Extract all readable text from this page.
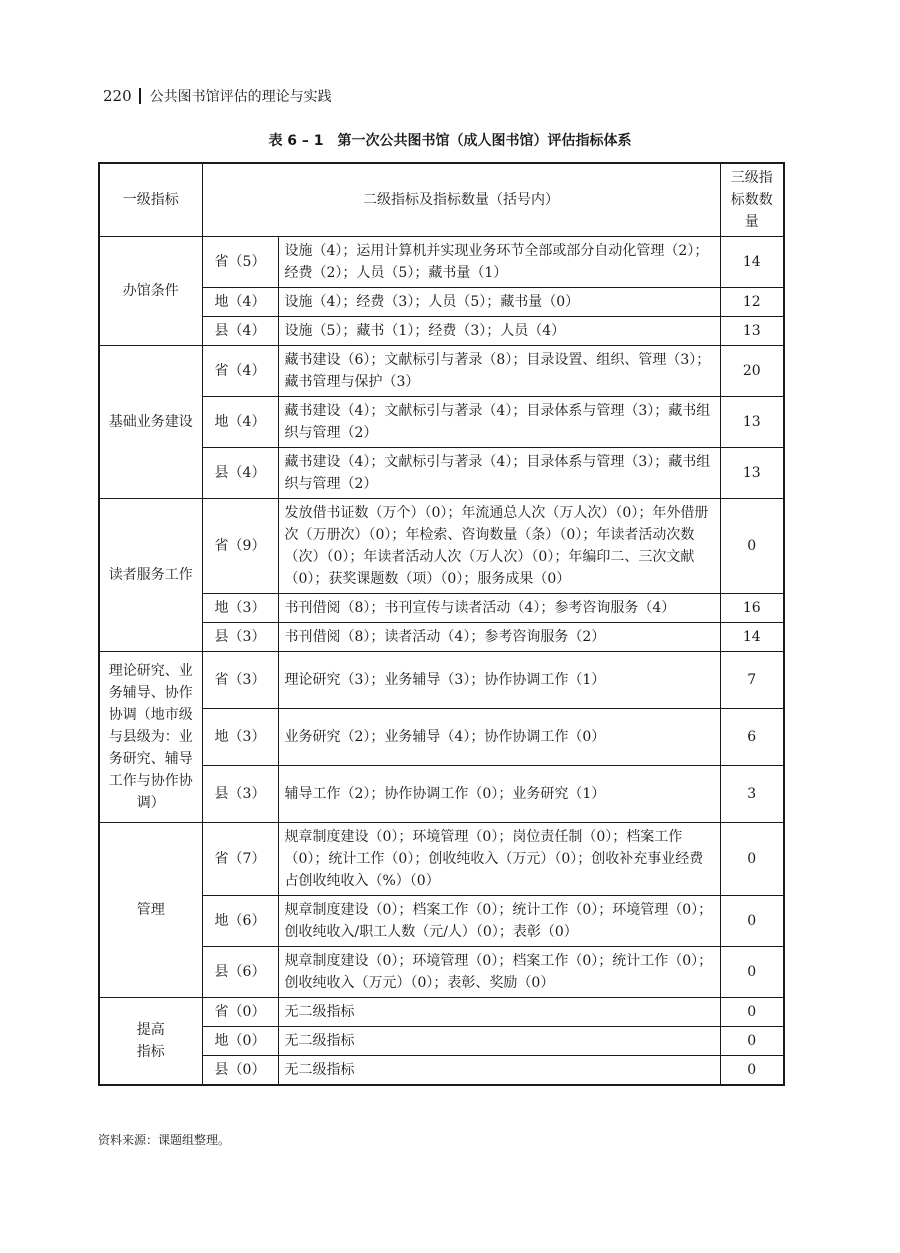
220 公共图书馆评估的理论与实践
表 6 – 1　第一次公共图书馆（成人图书馆）评估指标体系
一级指标	二级指标及指标数量（括号内）		三级指标数数量
办馆条件	省（5）	设施（4）；运用计算机并实现业务环节全部或部分自动化管理（2）；经费（2）；人员（5）；藏书量（1）	14
	地（4）	设施（4）；经费（3）；人员（5）；藏书量（0）	12
	县（4）	设施（5）；藏书（1）；经费（3）；人员（4）	13
基础业务建设	省（4）	藏书建设（6）；文献标引与著录（8）；目录设置、组织、管理（3）；藏书管理与保护（3）	20
	地（4）	藏书建设（4）；文献标引与著录（4）；目录体系与管理（3）；藏书组织与管理（2）	13
	县（4）	藏书建设（4）；文献标引与著录（4）；目录体系与管理（3）；藏书组织与管理（2）	13
读者服务工作	省（9）	发放借书证数（万个）（0）；年流通总人次（万人次）（0）；年外借册次（万册次）（0）；年检索、咨询数量（条）（0）；年读者活动次数（次）（0）；年读者活动人次（万人次）（0）；年编印二、三次文献（0）；获奖课题数（项）（0）；服务成果（0）	0
	地（3）	书刊借阅（8）；书刊宣传与读者活动（4）；参考咨询服务（4）	16
	县（3）	书刊借阅（8）；读者活动（4）；参考咨询服务（2）	14
理论研究、业务辅导、协作协调（地市级与县级为：业务研究、辅导工作与协作协调）	省（3）	理论研究（3）；业务辅导（3）；协作协调工作（1）	7
	地（3）	业务研究（2）；业务辅导（4）；协作协调工作（0）	6
	县（3）	辅导工作（2）；协作协调工作（0）；业务研究（1）	3
管理	省（7）	规章制度建设（0）；环境管理（0）；岗位责任制（0）；档案工作（0）；统计工作（0）；创收纯收入（万元）（0）；创收补充事业经费占创收纯收入（%）（0）	0
	地（6）	规章制度建设（0）；档案工作（0）；统计工作（0）；环境管理（0）；创收纯收入/职工人数（元/人）（0）；表彰（0）	0
	县（6）	规章制度建设（0）；环境管理（0）；档案工作（0）；统计工作（0）；创收纯收入（万元）（0）；表彰、奖励（0）	0
提高指标	省（0）	无二级指标	0
	地（0）	无二级指标	0
	县（0）	无二级指标	0
资料来源：课题组整理。
